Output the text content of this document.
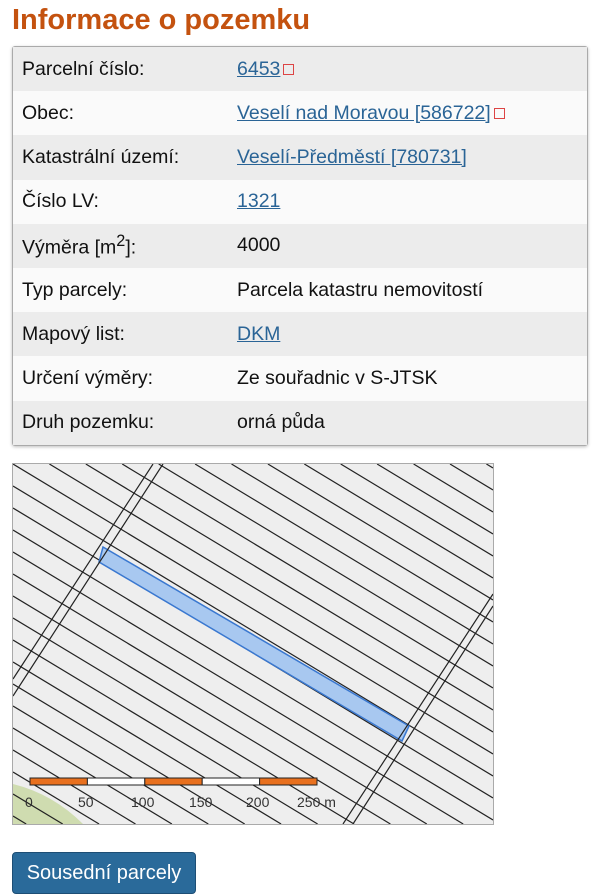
Informace o pozemku
Parcelní číslo:	6453
Obec:	Veselí nad Moravou [586722]
Katastrální území:	Veselí-Předměstí [780731]
Číslo LV:	1321
Výměra $[m^2]$:	4000
Typ parcely:	Parcela katastru nemovitostí
Mapový list:	DKM
Určení výměry:	Ze souřadnic v S-JTSK
Druh pozemku:	orná půda
0	50	100 150 200 250 m
Sousední parcely
